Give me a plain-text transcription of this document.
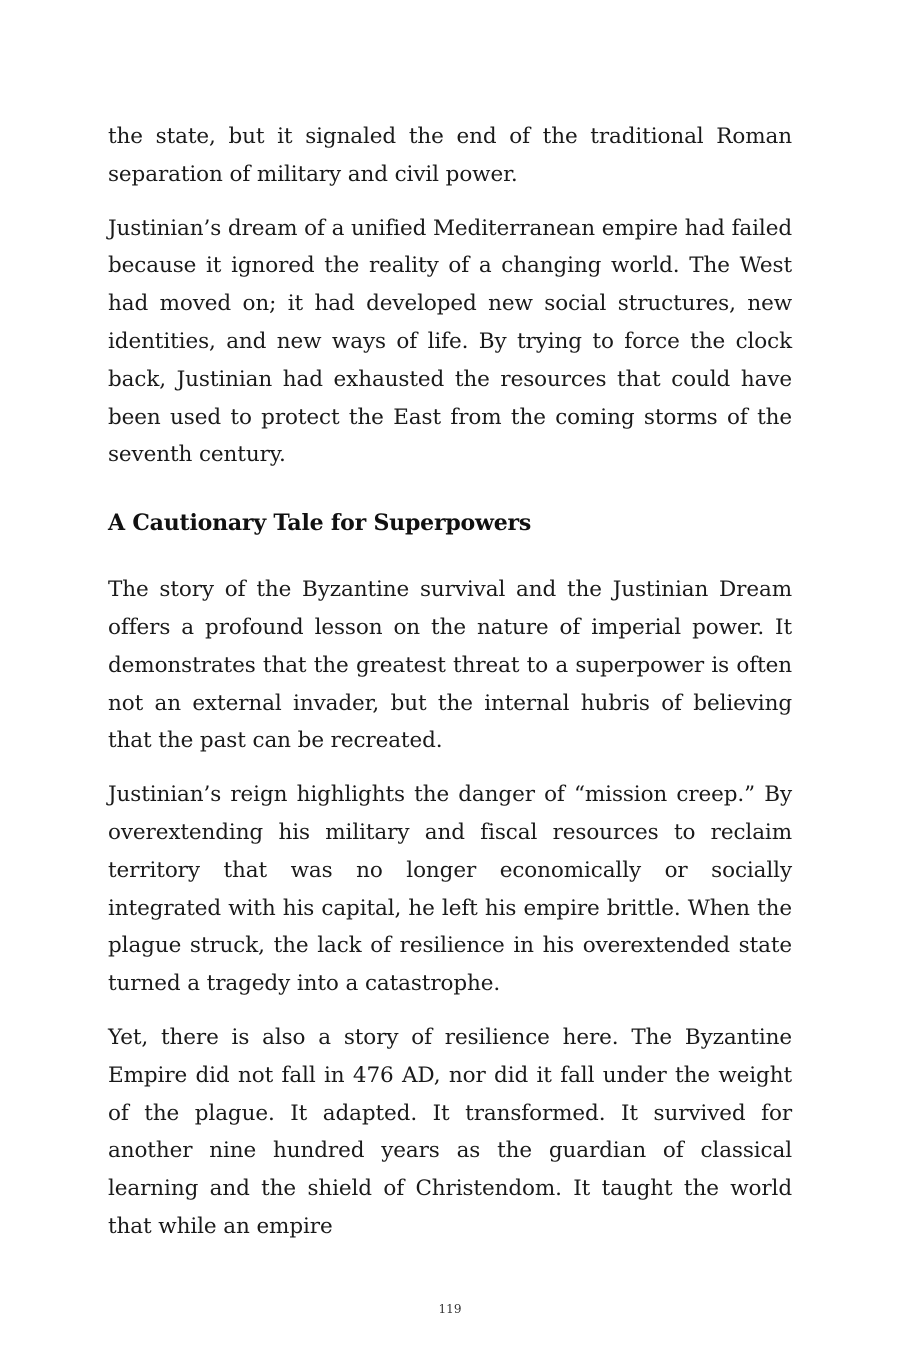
the state, but it signaled the end of the traditional Roman separation of military and civil power.

Justinian’s dream of a unified Mediterranean empire had failed because it ignored the reality of a changing world. The West had moved on; it had developed new social structures, new identities, and new ways of life. By trying to force the clock back, Justinian had exhausted the resources that could have been used to protect the East from the coming storms of the seventh century.

A Cautionary Tale for Superpowers

The story of the Byzantine survival and the Justinian Dream offers a profound lesson on the nature of imperial power. It demonstrates that the greatest threat to a superpower is often not an external invader, but the internal hubris of believing that the past can be recreated.

Justinian’s reign highlights the danger of “mission creep.” By overextending his military and fiscal resources to reclaim territory that was no longer economically or socially integrated with his capital, he left his empire brittle. When the plague struck, the lack of resilience in his overextended state turned a tragedy into a catastrophe.

Yet, there is also a story of resilience here. The Byzantine Empire did not fall in 476 AD, nor did it fall under the weight of the plague. It adapted. It transformed. It survived for another nine hundred years as the guardian of classical learning and the shield of Christendom. It taught the world that while an empire

119
